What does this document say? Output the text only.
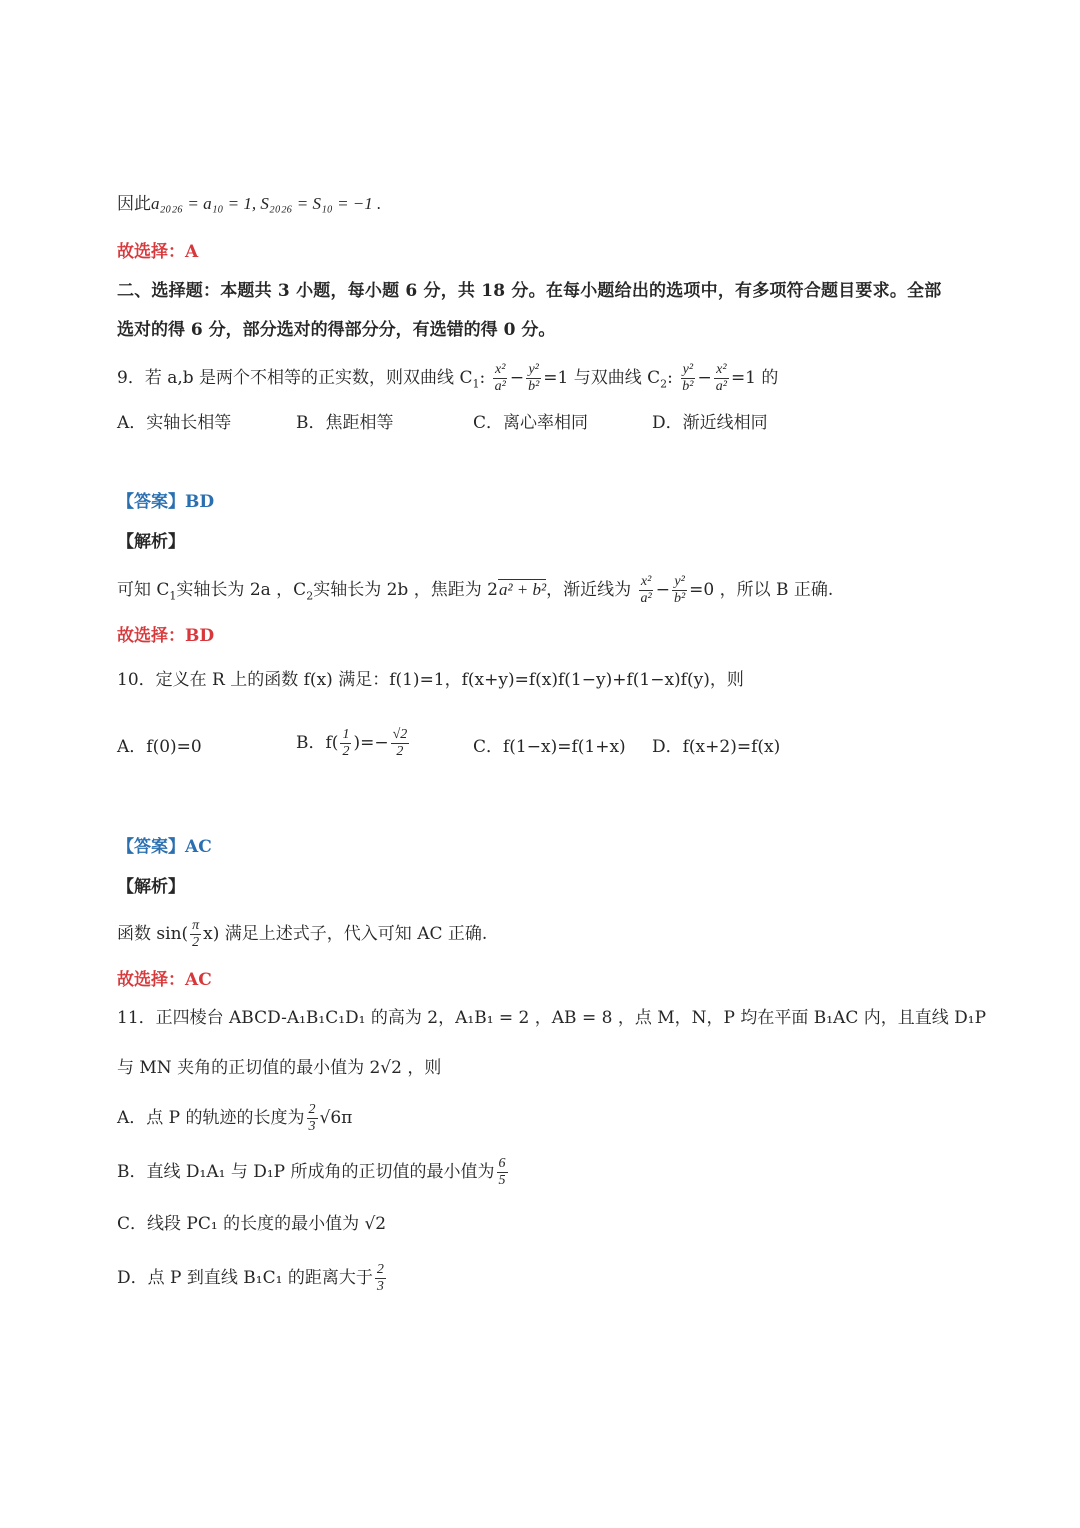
因此a₂₀₂₆ = a₁₀ = 1, S₂₀₂₆ = S₁₀ = −1 .
故选择：A
二、选择题：本题共 3 小题，每小题 6 分，共 18 分。在每小题给出的选项中，有多项符合题目要求。全部
选对的得 6 分，部分选对的得部分分，有选错的得 0 分。
9．若 a,b 是两个不相等的正实数，则双曲线 $C_1$: $\frac{\text{x²}}{\text{a²}} - \frac{\text{y²}}{\text{b²}} =1$ 与双曲线 $C_2$: $\frac{\text{y²}}{\text{b²}} - \frac{\text{x²}}{\text{a²}} =1$ 的
A．实轴长相等	B．焦距相等	C．离心率相同	D．渐近线相同
【答案】BD
【解析】
可知 $C_1$实轴长为 2a ，$C_2$实轴长为 2b ，焦距为 2a² + b²，渐近线为 $\frac{\text{x²}}{\text{a²}} - \frac{\text{y²}}{\text{b²}} =0$ ，所以 B 正确.
故选择：BD
10．定义在 R 上的函数 f(x) 满足：f(1)=1，f(x+y)=f(x)f(1−y)+f(1−x)f(y)，则
A．f(0)=0	B．$f( \frac{1}{2}$ )=− $\frac{√2}{2}$	C．f(1−x)=f(1+x) D．f(x+2)=f(x)
【答案】AC
【解析】
函数 $\sin( \frac{\pi}{2} x)$ 满足上述式子，代入可知 AC 正确.
故选择：AC
11．正四棱台 ABCD-A₁B₁C₁D₁ 的高为 2，A₁B₁ = 2 ，AB = 8 ，点 M，N，P 均在平面 B₁AC 内，且直线 D₁P
与 MN 夹角的正切值的最小值为 2√2 ，则
A．点 P 的轨迹的长度为 $\frac{2}{3} √6\pi$
B．直线 D₁A₁ 与 D₁P 所成角的正切值的最小值为 $\frac{6}{5}$
C．线段 PC₁ 的长度的最小值为 √2
D．点 P 到直线 B₁C₁ 的距离大于 $\frac{2}{3}$
